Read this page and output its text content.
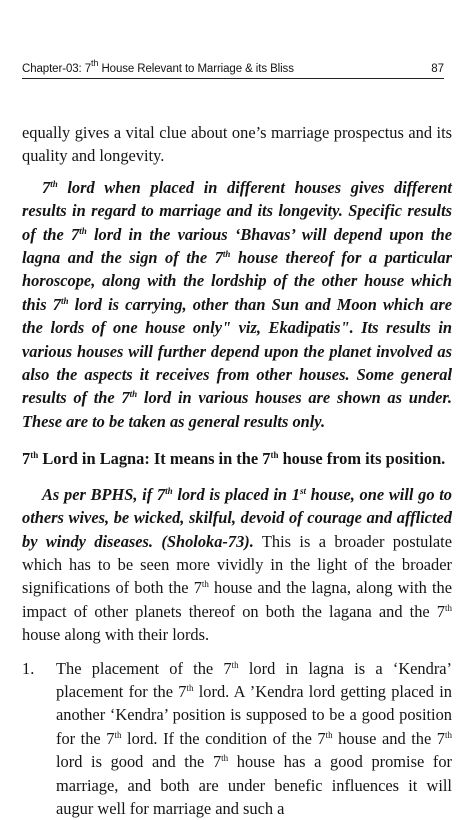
Chapter-03: 7th House Relevant to Marriage & its Bliss	87

equally gives a vital clue about one’s marriage prospectus and its quality and longevity.

7th lord when placed in different houses gives different results in regard to marriage and its longevity. Specific results of the 7th lord in the various ‘Bhavas’ will depend upon the lagna and the sign of the 7th house thereof for a particular horoscope, along with the lordship of the other house which this 7th lord is carrying, other than Sun and Moon which are the lords of one house only" viz, Ekadipatis". Its results in various houses will further depend upon the planet involved as also the aspects it receives from other houses. Some general results of the 7th lord in various houses are shown as under. These are to be taken as general results only.

7th Lord in Lagna: It means in the 7th house from its position.

As per BPHS, if 7th lord is placed in 1st house, one will go to others wives, be wicked, skilful, devoid of courage and afflicted by windy diseases. (Sholoka-73). This is a broader postulate which has to be seen more vividly in the light of the broader significations of both the 7th house and the lagna, along with the impact of other planets thereof on both the lagana and the 7th house along with their lords.

1. The placement of the 7th lord in lagna is a ‘Kendra’ placement for the 7th lord. A ’Kendra lord getting placed in another ‘Kendra’ position is supposed to be a good position for the 7th lord. If the condition of the 7th house and the 7th lord is good and the 7th house has a good promise for marriage, and both are under benefic influences it will augur well for marriage and such a
